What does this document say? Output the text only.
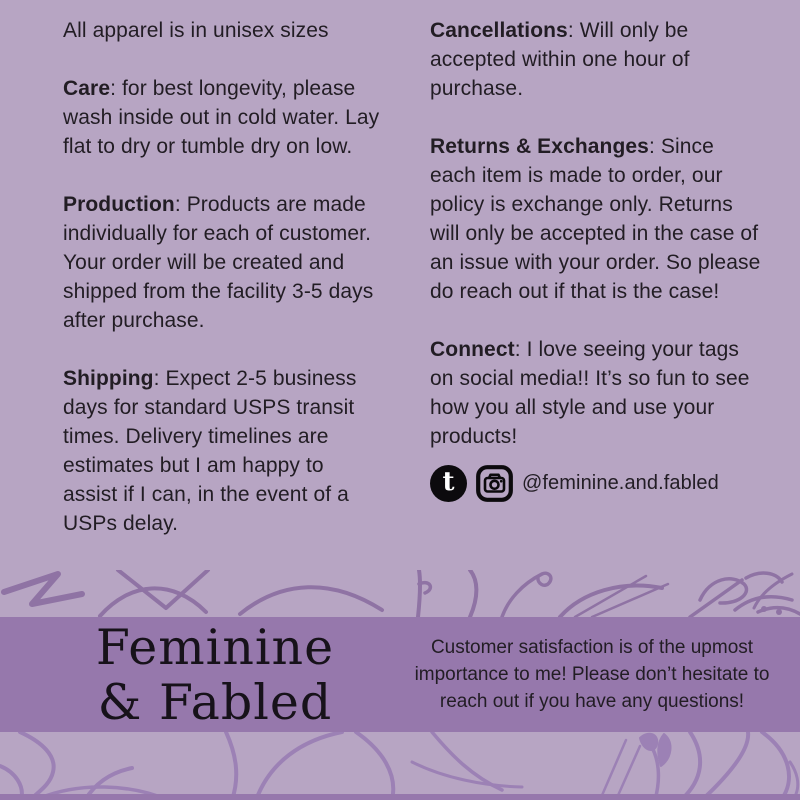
All apparel is in unisex sizes

Care: for best longevity, please wash inside out in cold water. Lay flat to dry or tumble dry on low.

Production: Products are made individually for each of customer. Your order will be created and shipped from the facility 3-5 days after purchase.

Shipping: Expect 2-5 business days for standard USPS transit times. Delivery timelines are estimates but I am happy to assist if I can, in the event of a USPs delay.

Cancellations: Will only be accepted within one hour of purchase.

Returns & Exchanges: Since each item is made to order, our policy is exchange only. Returns will only be accepted in the case of an issue with your order. So please do reach out if that is the case!

Connect: I love seeing your tags on social media!! It’s so fun to see how you all style and use your products!

t	@feminine.and.fabled
Feminine
& Fabled
Customer satisfaction is of the upmost importance to me! Please don’t hesitate to reach out if you have any questions!
